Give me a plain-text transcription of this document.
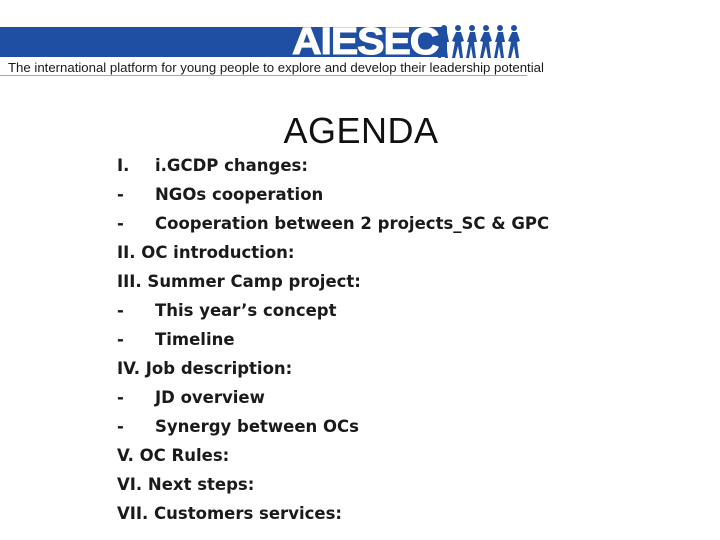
AIESEC
The international platform for young people to explore and develop their leadership potential
AGENDA
I. i.GCDP changes:
- NGOs cooperation
- Cooperation between 2 projects_SC & GPC
II. OC introduction:
III. Summer Camp project:
- This year’s concept
- Timeline
IV. Job description:
- JD overview
- Synergy between OCs
V. OC Rules:
VI. Next steps:
VII. Customers services:
